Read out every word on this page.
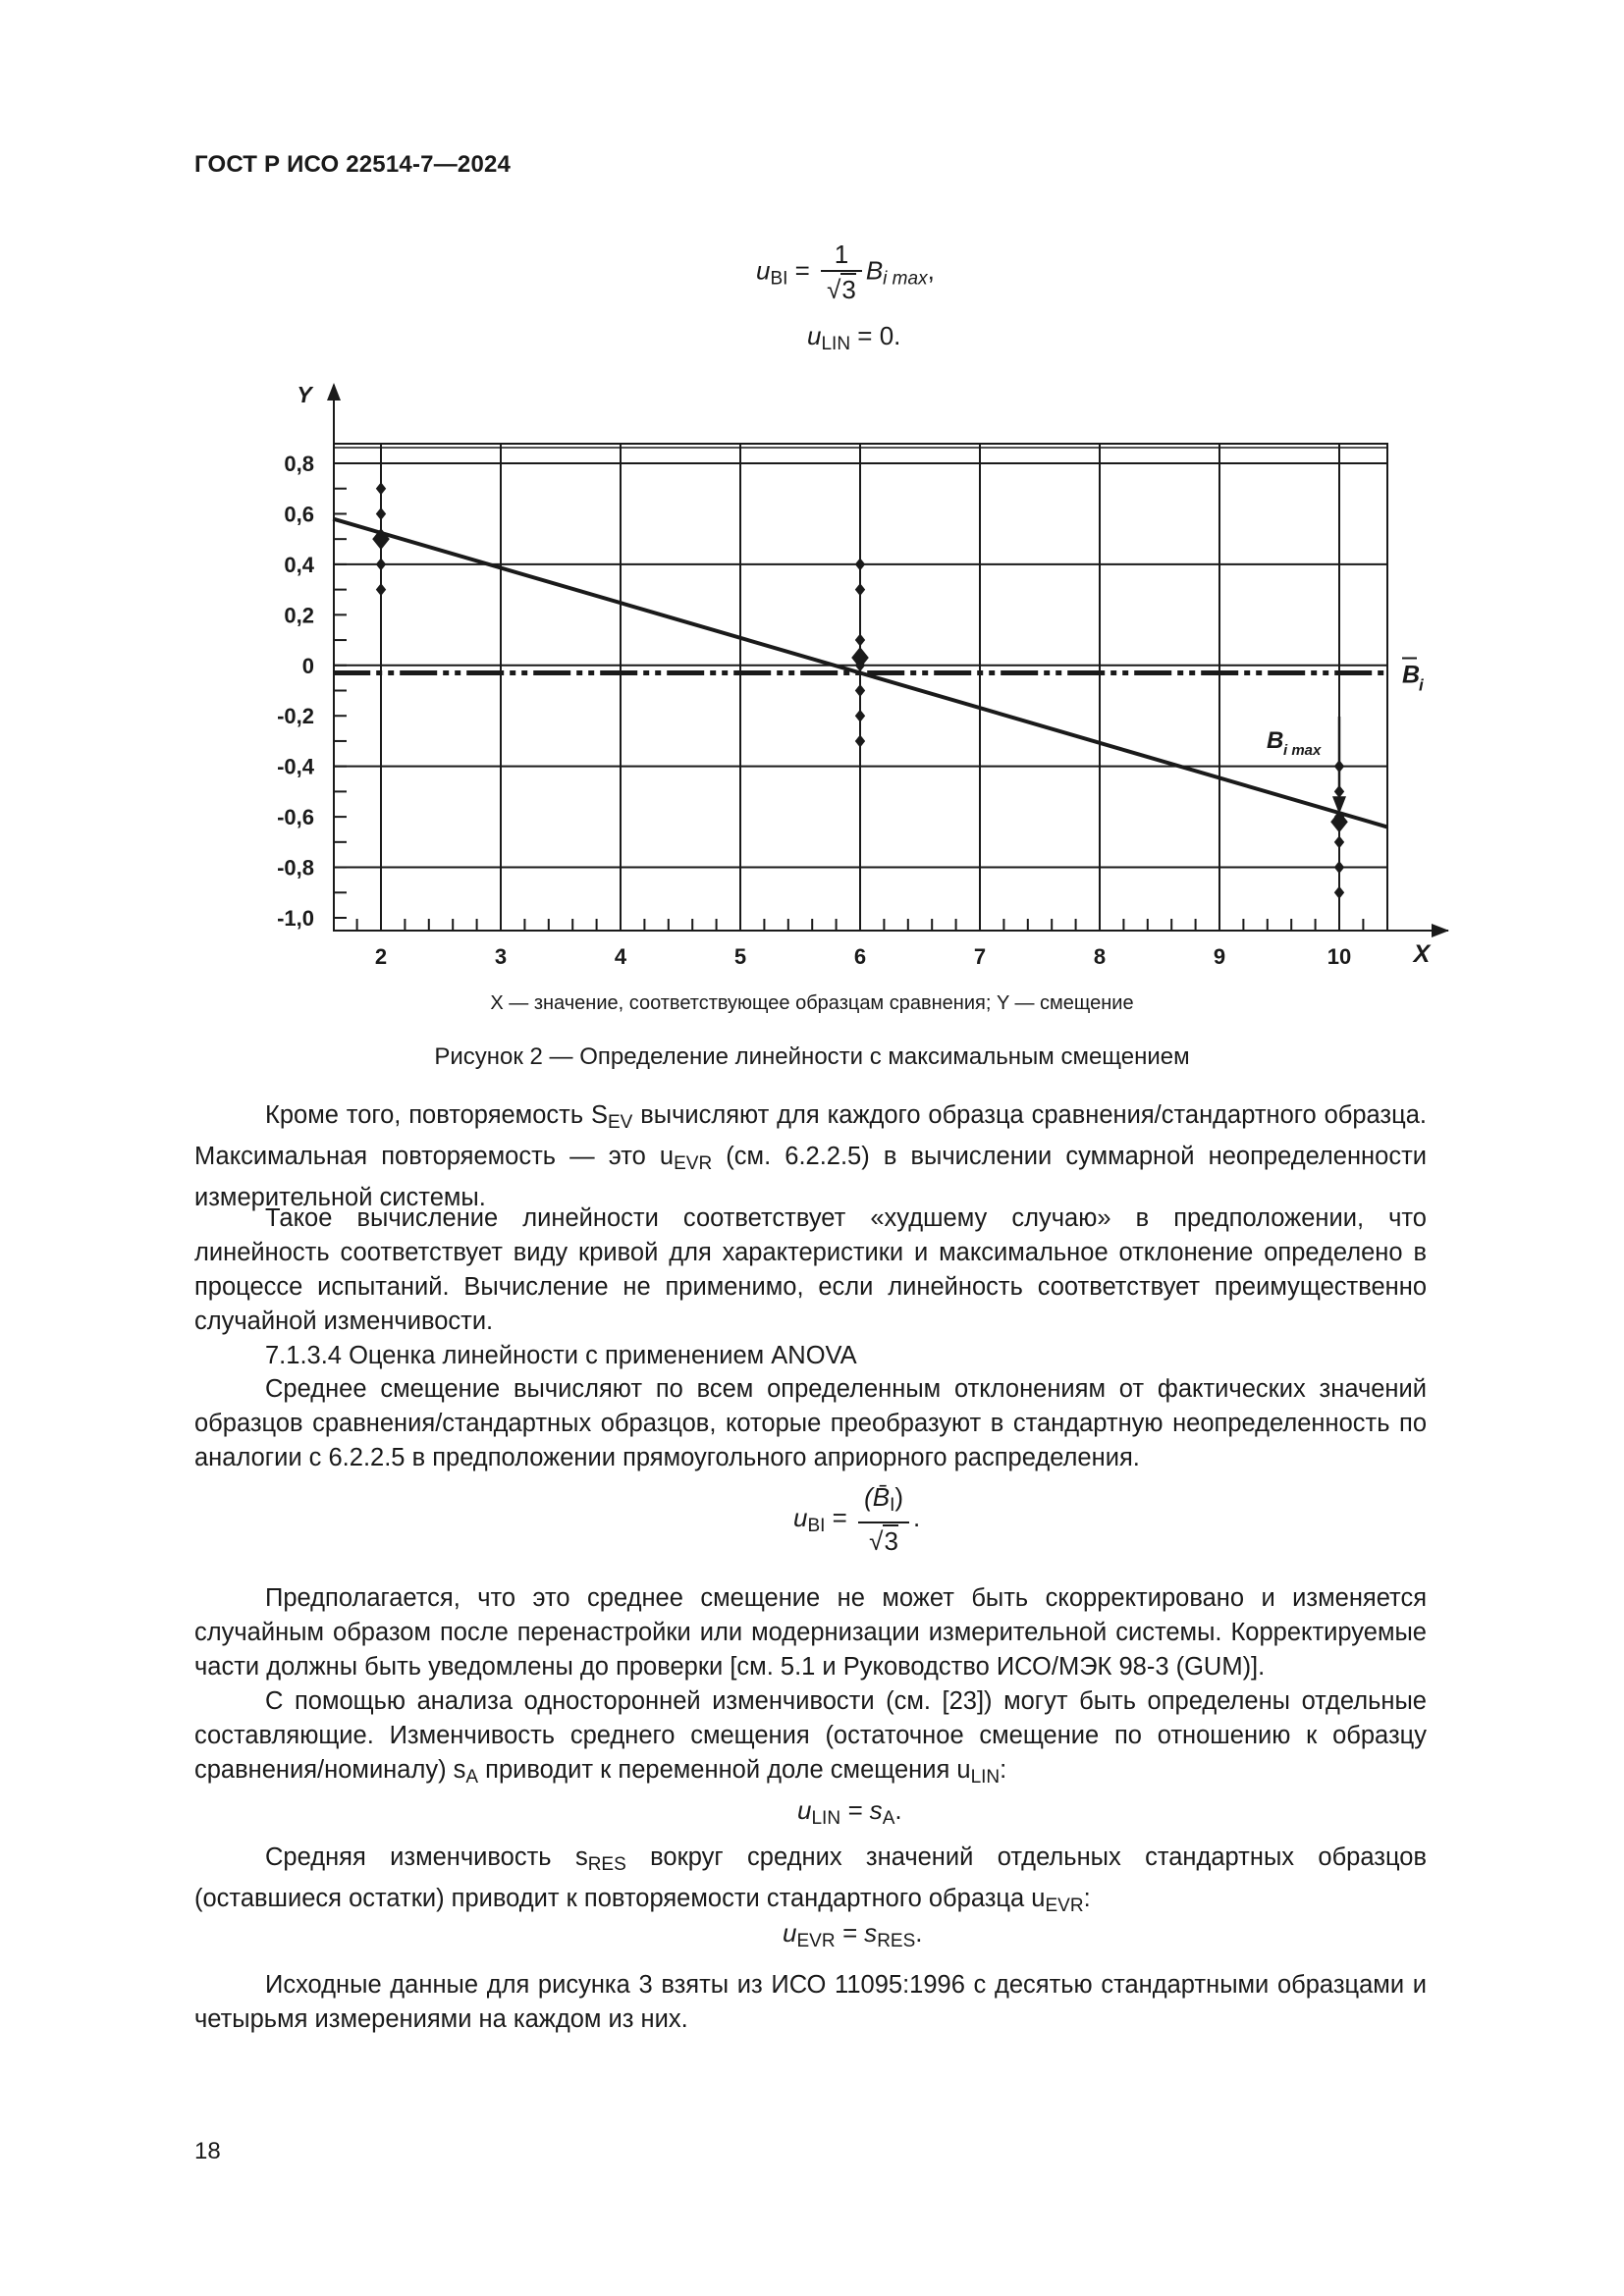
ГОСТ Р ИСО 22514-7—2024
$u_{BI} = \frac{1}{√3} B_{i max}$,
$u_{LIN} = 0$.
0,8
0,6
0,4
0,2
0
-0,2
-0,4
-0,6
-0,8
-1,0
2	3	4	5	6	7	8	9	10
Y
X
B
i
B i max
X — значение, соответствующее образцам сравнения; Y — смещение
Рисунок 2 — Определение линейности с максимальным смещением
Кроме того, повторяемость $S_{EV}$ вычисляют для каждого образца сравнения/стандартного образца. Максимальная повторяемость — это $u_{EVR}$ (см. 6.2.2.5) в вычислении суммарной неопределенности измерительной системы.
Такое вычисление линейности соответствует «худшему случаю» в предположении, что линейность соответствует виду кривой для характеристики и максимальное отклонение определено в процессе испытаний. Вычисление не применимо, если линейность соответствует преимущественно случайной изменчивости.
7.1.3.4 Оценка линейности с применением ANOVA
Среднее смещение вычисляют по всем определенным отклонениям от фактических значений образцов сравнения/стандартных образцов, которые преобразуют в стандартную неопределенность по аналогии с 6.2.2.5 в предположении прямоугольного априорного распределения.
$u_{BI} = \frac{(B̄_I)}{√3}$ .
Предполагается, что это среднее смещение не может быть скорректировано и изменяется случайным образом после перенастройки или модернизации измерительной системы. Корректируемые части должны быть уведомлены до проверки [см. 5.1 и Руководство ИСО/МЭК 98-3 (GUM)].
С помощью анализа односторонней изменчивости (см. [23]) могут быть определены отдельные составляющие. Изменчивость среднего смещения (остаточное смещение по отношению к образцу сравнения/номиналу) $s_A$ приводит к переменной доле смещения $u_{LIN}$:
$u_{LIN} = s_A$.
Средняя изменчивость $s_{RES}$ вокруг средних значений отдельных стандартных образцов (оставшиеся остатки) приводит к повторяемости стандартного образца $u_{EVR}$:
$u_{EVR} = s_{RES}$.
Исходные данные для рисунка 3 взяты из ИСО 11095:1996 с десятью стандартными образцами и четырьмя измерениями на каждом из них.
18
